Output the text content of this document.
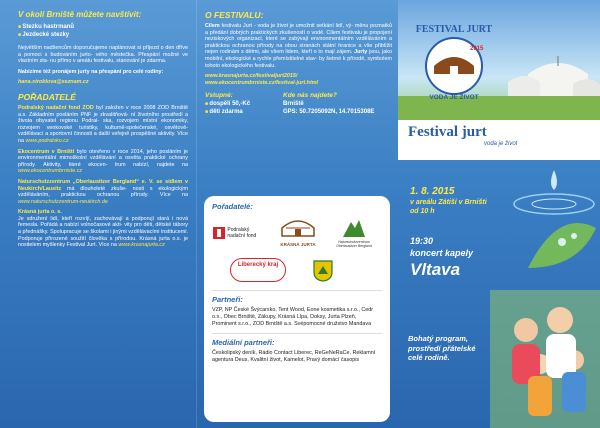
V okolí Brniště můžete navštívit:
■ Stezku hastrmanů
■ Jezdecké stezky

Největším nadšencům doporučujeme naplánovat si příjezd o den dříve a pomoci s budováním jurto- vého městečka. Přespání možné ve vlastním sta- nu přímo v areálu festivalu, stanování je zdarma.

Nabízíme též pronájem jurty na přespání pro celé rodiny:

hana.stroblova@seznam.cz

POŘADATELÉ

Podralský nadační fond ZOD byl založen v roce 2008 ZOD Brniště a.s. Základním posláním PNF je zkvalitňová- ní životního prostředí a života obyvatel regionu Podral- ska, rozvojem místní ekonomiky, rozvojem venkovské turistiky, kulturně-společenské, osvětově-vzdělávací a sportovní činnosti a další veřejně prospěšné aktivity. Více na www.podralsko.cz

Ekocentrum v Brništi bylo otevřeno v roce 2014, jeho posláním je environmentální mimoškolní vzdělávání a osvěta praktické ochrany přírody. Aktivity, které ekocen- trum nabízí, najdete na www.ekocentrumbrniste.cz

Naturschutzzentrum „Oberlausitzer Bergland“ e. V. se sídlem v Neukirch/Lausitz má dlouholeté zkuše- nosti s ekologickým vzděláváním, praktickou ochranou přírody. Více na www.naturschutzzentrum-neukirch.de

Krásná jurta o. s.
Je sdružení lidí, kteří rozvíjí, zachovávají a podporují stará i nová řemesla. Pořádá a nabízí volnočasové akti- vity pro děti, dětské tábory a přednášky. Spolupracuje se školami i jinými vzdělávacími institucemi. Podporuje přirozené soužití člověka s přírodou. Krásná jurta o.s. je nositelem myšlenky Festival Jurt. Více na www.krasnajurta.cz

O FESTIVALU:

Cílem festivalu Jurt - voda je život je umožnit setkání lidí, vý- měnu poznatků a předání dobrých praktických zkušeností o vodě. Cílem festivalu je propojení neziskových organizací, které se zabývají environmentálním vzděláváním a praktickou ochranou přírody na obou stranách státní hranice a vše přiblížit nejen rodinám s dětmi, ale všem lidem, kteří o to mají zájem. Jurty jsou, jako mobilní, ekologické a rychle přemístitelné stav- by šetrné k přírodě, symbolem tohoto ekologického festivalu.

www.krasnajurta.cz/festivaljurt2015/

www.ekocentrumbrniste.cz/festival-jurt.html

Vstupné:
■ dospělí 50,-Kč
■ děti zdarma
Kde nás najdete?
Brniště
GPS: 50.7205092N, 14.7015308E
Pořadatelé:
Podralský nadační fond
KRÁSNÁ JURTA	Naturschutzzentrum Oberlausitzer Bergland
Liberecký kraj
Partneři:

VZP, NP České Švýcarsko, Tent Wood, Eone kosmetika s.r.o., Cedr o.s., Obec Brniště, Zákupy, Krásná Lípa, Doksy, Jurta Plzeň, Prominent s.r.o., ZOD Brniště a.s. Svépomocné družstvo Mandava

Mediální partneři:

Českolipský deník, Rádio Contact Liberec, ReGeNeRaCe, Reklamní agentura Deus, Kvalitní život, Kamelot, Pravý domácí časopis

FESTIVAL JURT
2015
VODA JE ŽIVOT
Festival jurt
voda je život
1. 8. 2015
v areálu Zátiší v Brništi
od 10 h
19:30
koncert kapely
Vltava
Bohatý program,
prostředí přátelské
celé rodině.
